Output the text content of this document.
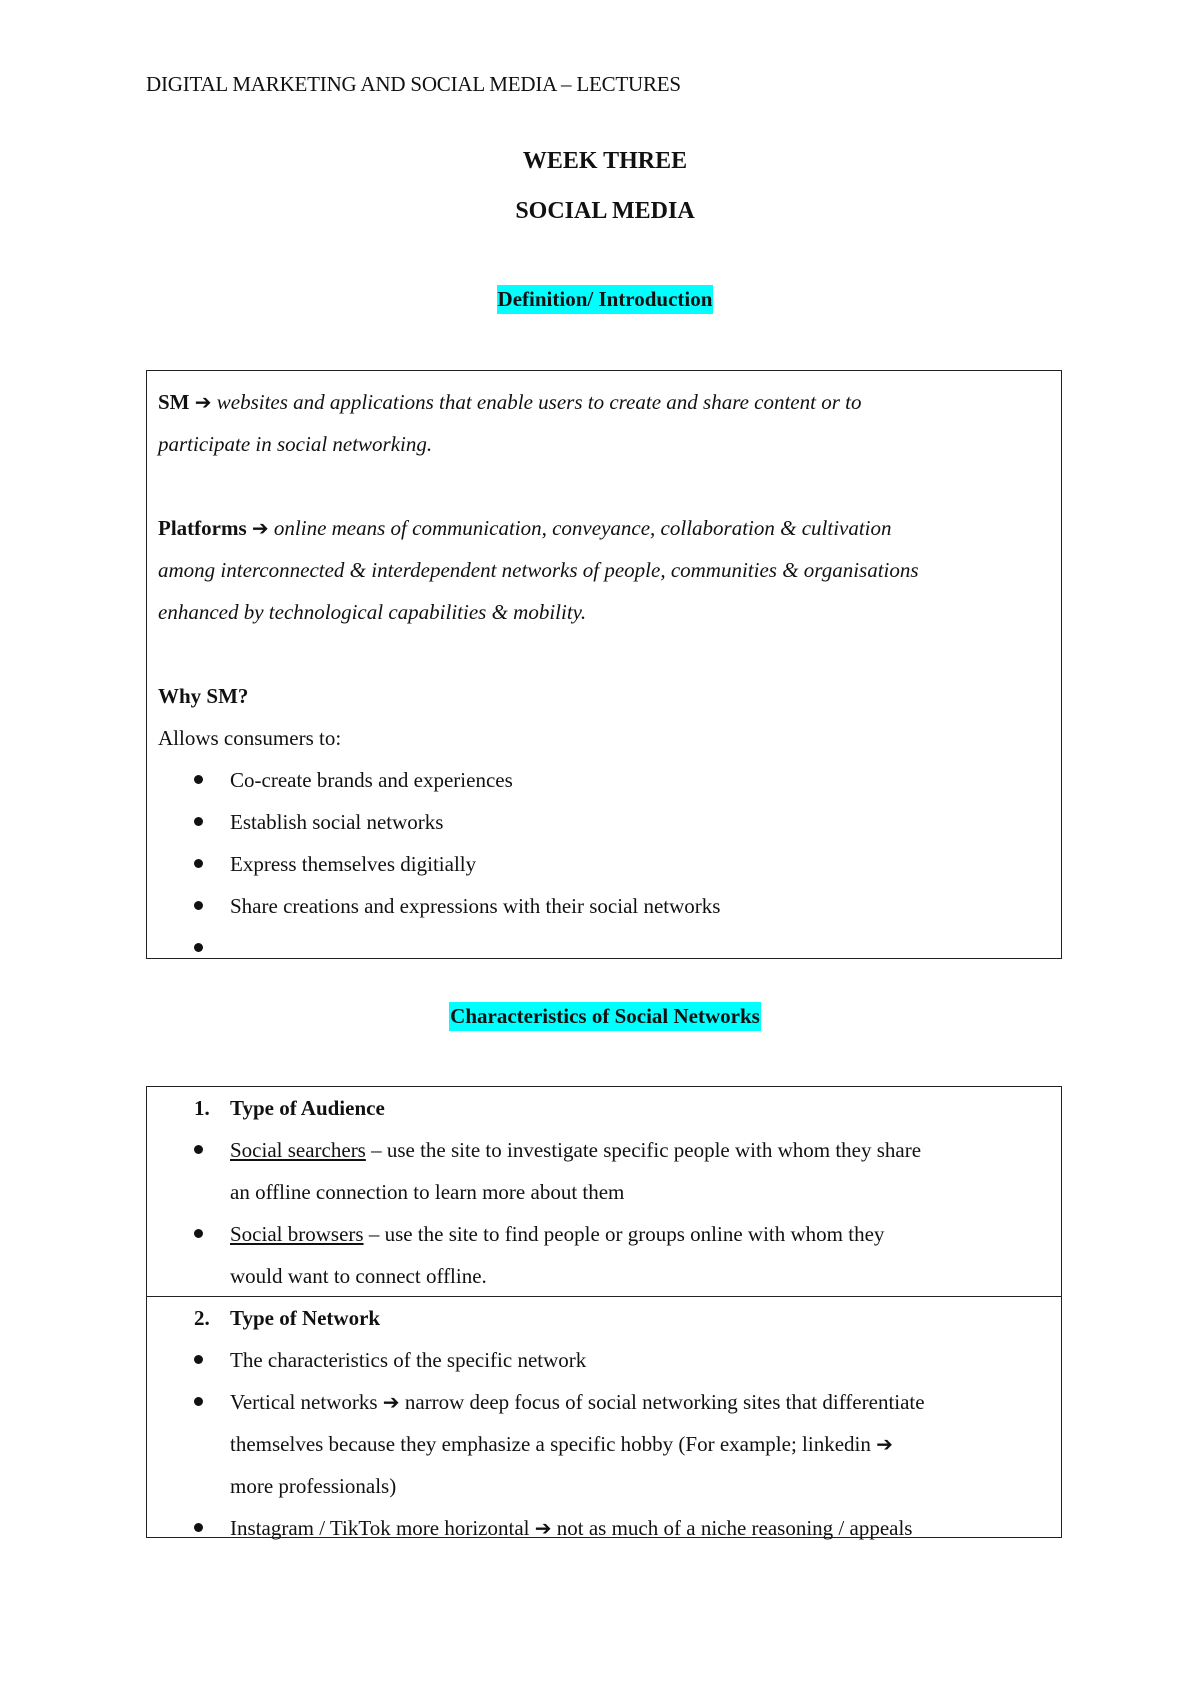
DIGITAL MARKETING AND SOCIAL MEDIA – LECTURES
WEEK THREE
SOCIAL MEDIA
Definition/ Introduction
SM ➔ websites and applications that enable users to create and share content or to
participate in social networking.
Platforms ➔ online means of communication, conveyance, collaboration & cultivation
among interconnected & interdependent networks of people, communities & organisations
enhanced by technological capabilities & mobility.
Why SM?
Allows consumers to:
Co-create brands and experiences
Establish social networks
Express themselves digitially
Share creations and expressions with their social networks
Characteristics of Social Networks
1. Type of Audience
Social searchers – use the site to investigate specific people with whom they share
an offline connection to learn more about them
Social browsers – use the site to find people or groups online with whom they
would want to connect offline.
2. Type of Network
The characteristics of the specific network
Vertical networks ➔ narrow deep focus of social networking sites that differentiate
themselves because they emphasize a specific hobby (For example; linkedin ➔
more professionals)
Instagram / TikTok more horizontal ➔ not as much of a niche reasoning / appeals
